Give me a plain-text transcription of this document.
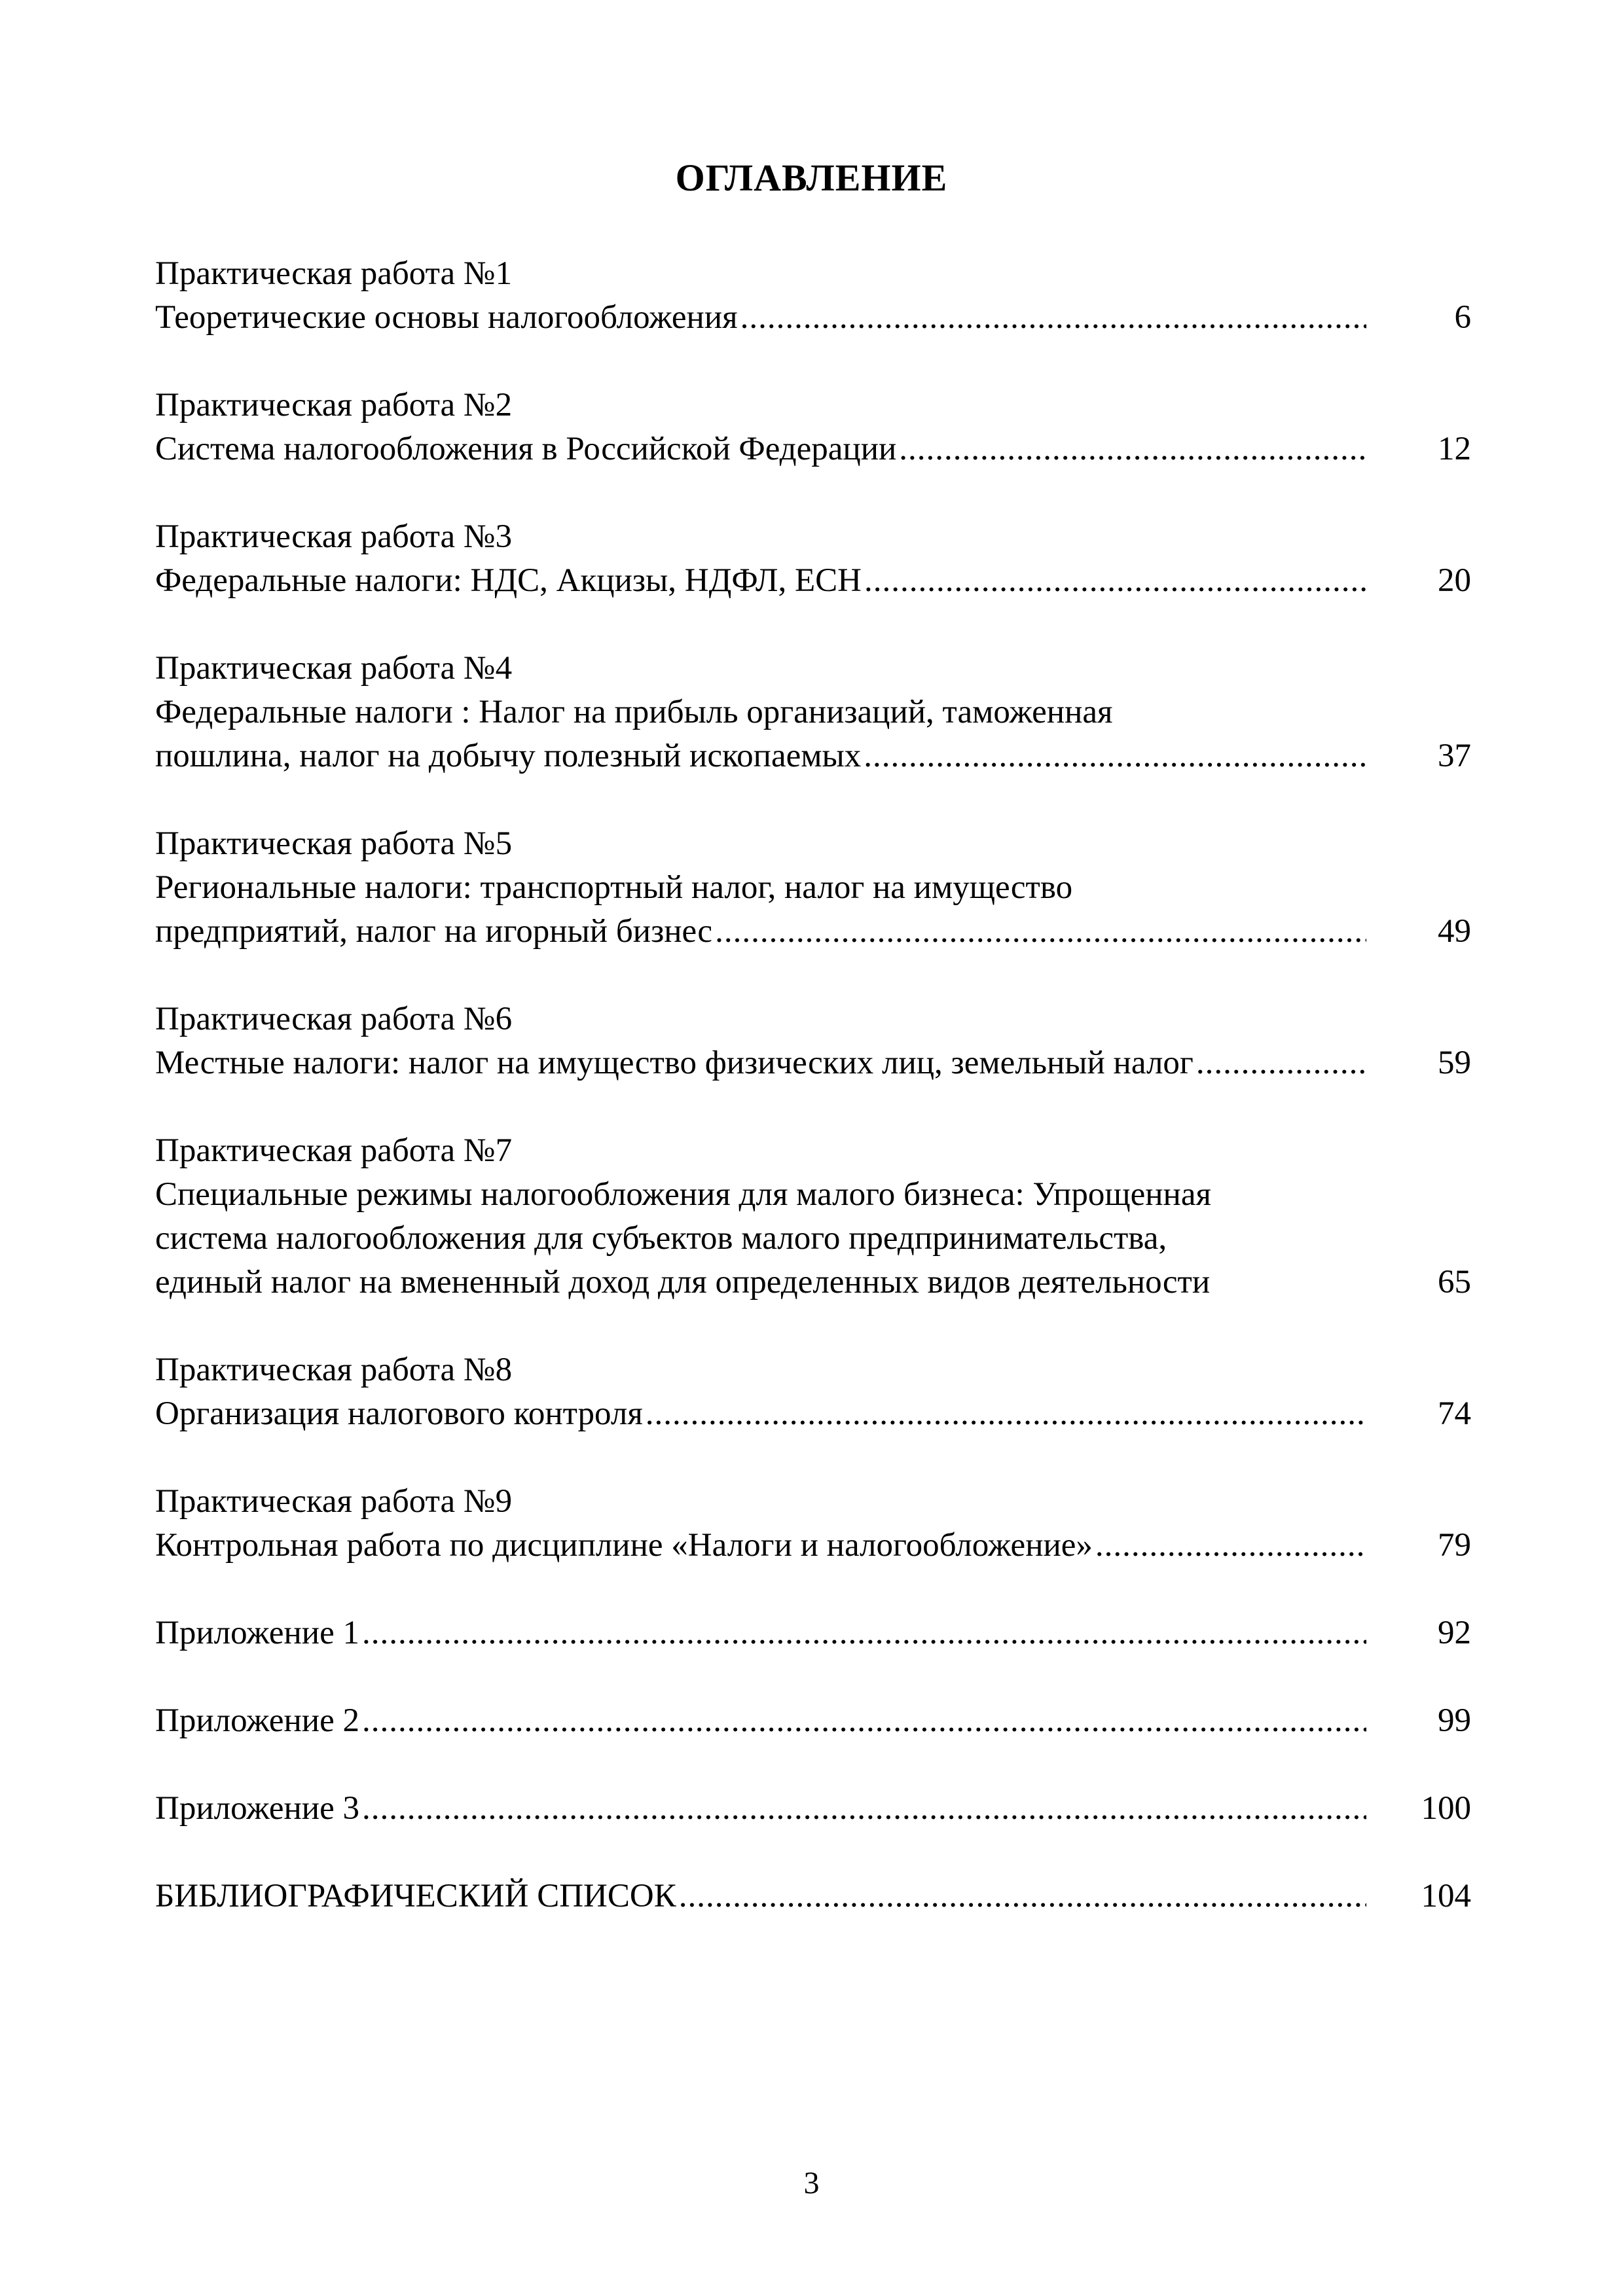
ОГЛАВЛЕНИЕ
Практическая работа №1
Теоретические основы налогообложения .....	6
Практическая работа №2
Система налогообложения в Российской Федерации .....	12
Практическая работа №3
Федеральные налоги: НДС, Акцизы, НДФЛ, ЕСН .....	20
Практическая работа №4
Федеральные налоги : Налог на прибыль организаций, таможенная
пошлина, налог на добычу полезный ископаемых .....	37
Практическая работа №5
Региональные налоги: транспортный налог, налог на имущество
предприятий, налог на игорный бизнес .....	49
Практическая работа №6
Местные налоги: налог на имущество физических лиц, земельный налог .....	59
Практическая работа №7
Специальные режимы налогообложения для малого бизнеса: Упрощенная
система налогообложения для субъектов малого предпринимательства,
единый налог на вмененный доход для определенных видов деятельности	65
Практическая работа №8
Организация налогового контроля .....	74
Практическая работа №9
Контрольная работа по дисциплине «Налоги и налогообложение» .....	79
Приложение 1 .....	92
Приложение 2 .....	99
Приложение 3 .....	100
БИБЛИОГРАФИЧЕСКИЙ СПИСОК .....	104
3
